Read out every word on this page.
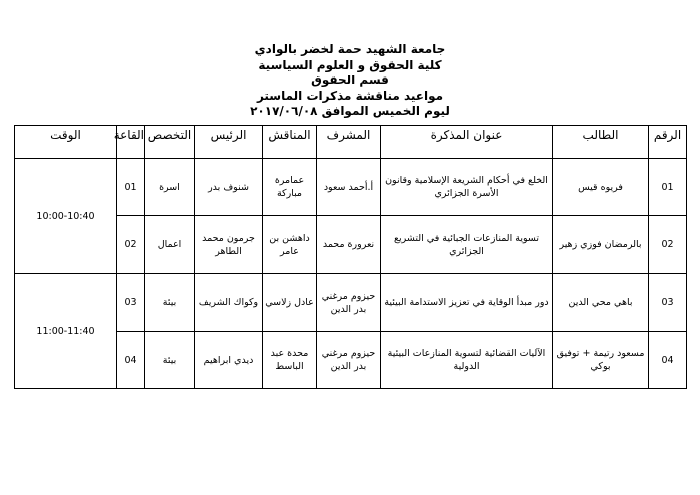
جامعة الشهيد حمة لخضر بالوادي
كلية الحقوق و العلوم السياسية
قسم الحقوق
مواعيد مناقشة مذكرات الماستر
ليوم الخميس الموافق ٢٠١٧/٠٦/٠٨
الرقم	الطالب	عنوان المذكرة	المشرف	المناقش	الرئيس	التخصص	القاعة	الوقت
01	فريوه قيس	الخلع في أحكام الشريعة الإسلامية وقانون الأسرة الجزائري	أ.أحمد سعود	عمامرة مباركة	شنوف بدر	اسرة	01	10:00-10:40
02	بالرمضان فوزي زهير	تسوية المنازعات الجبائية في التشريع الجزائري	نعرورة محمد	داهشن بن عامر	جرمون محمد الطاهر	اعمال	02	
03	باهي محي الدين	دور مبدأ الوقاية في تعزيز الاستدامة البيئية	حيزوم مرغني بدر الدين	عادل زلاسي	وكواك الشريف	بيئة	03	11:00-11:40
04	مسعود رتيمة + توفيق بوكي	الآليات القضائية لتسوية المنازعات البيئية الدولية	حيزوم مرغني بدر الدين	محدة عبد الباسط	ديدي ابراهيم	بيئة	04	
